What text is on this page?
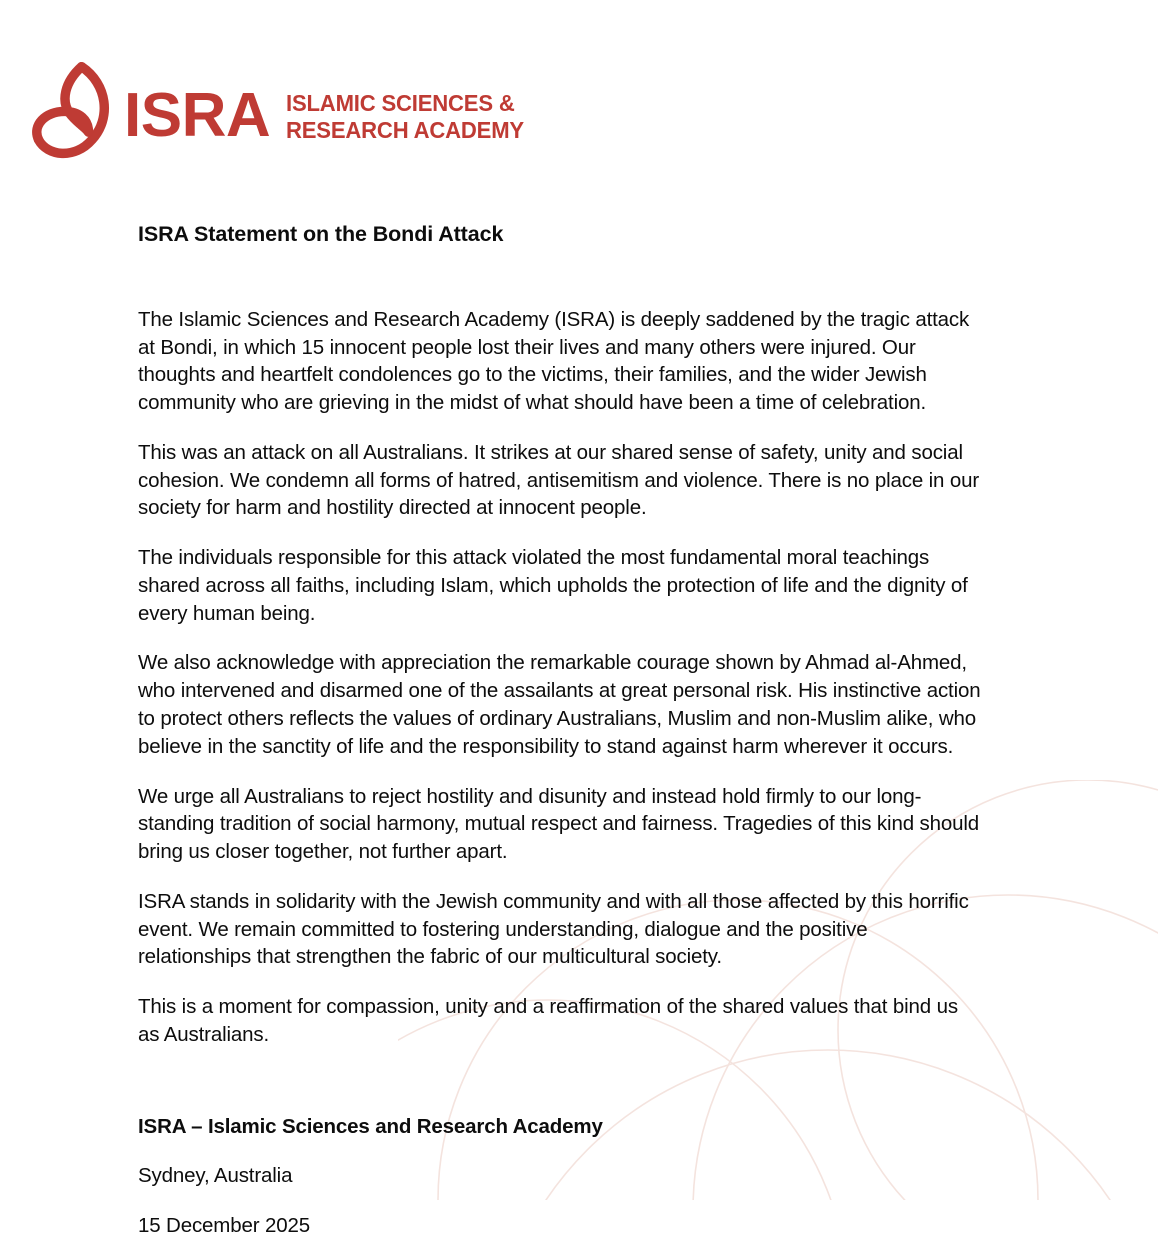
ISRA ISLAMIC SCIENCES &
RESEARCH ACADEMY
ISRA Statement on the Bondi Attack

The Islamic Sciences and Research Academy (ISRA) is deeply saddened by the tragic attack at Bondi, in which 15 innocent people lost their lives and many others were injured. Our thoughts and heartfelt condolences go to the victims, their families, and the wider Jewish community who are grieving in the midst of what should have been a time of celebration.

This was an attack on all Australians. It strikes at our shared sense of safety, unity and social cohesion. We condemn all forms of hatred, antisemitism and violence. There is no place in our society for harm and hostility directed at innocent people.

The individuals responsible for this attack violated the most fundamental moral teachings shared across all faiths, including Islam, which upholds the protection of life and the dignity of every human being.

We also acknowledge with appreciation the remarkable courage shown by Ahmad al-Ahmed, who intervened and disarmed one of the assailants at great personal risk. His instinctive action to protect others reflects the values of ordinary Australians, Muslim and non-Muslim alike, who believe in the sanctity of life and the responsibility to stand against harm wherever it occurs.

We urge all Australians to reject hostility and disunity and instead hold firmly to our long-standing tradition of social harmony, mutual respect and fairness. Tragedies of this kind should bring us closer together, not further apart.

ISRA stands in solidarity with the Jewish community and with all those affected by this horrific event. We remain committed to fostering understanding, dialogue and the positive relationships that strengthen the fabric of our multicultural society.

This is a moment for compassion, unity and a reaffirmation of the shared values that bind us as Australians.

ISRA – Islamic Sciences and Research Academy

Sydney, Australia

15 December 2025
